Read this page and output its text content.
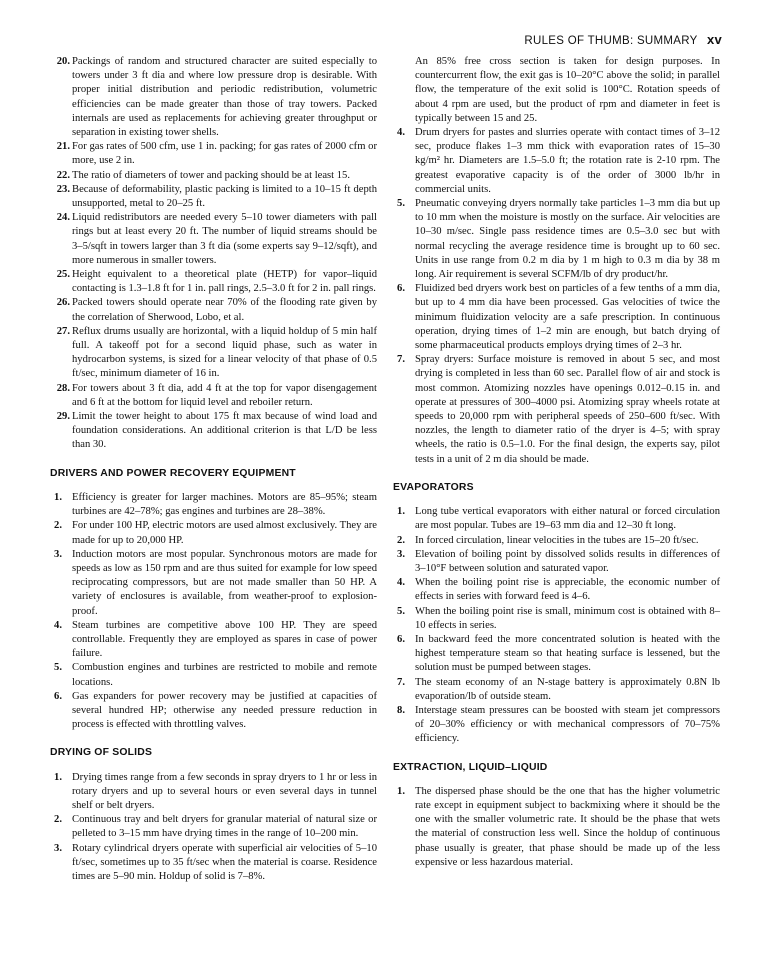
RULES OF THUMB: SUMMARY xv
20. Packings of random and structured character are suited especially to towers under 3 ft dia and where low pressure drop is desirable. With proper initial distribution and periodic redistribution, volumetric efficiencies can be made greater than those of tray towers. Packed internals are used as replacements for achieving greater throughput or separation in existing tower shells.
21. For gas rates of 500 cfm, use 1 in. packing; for gas rates of 2000 cfm or more, use 2 in.
22. The ratio of diameters of tower and packing should be at least 15.
23. Because of deformability, plastic packing is limited to a 10–15 ft depth unsupported, metal to 20–25 ft.
24. Liquid redistributors are needed every 5–10 tower diameters with pall rings but at least every 20 ft. The number of liquid streams should be 3–5/sqft in towers larger than 3 ft dia (some experts say 9–12/sqft), and more numerous in smaller towers.
25. Height equivalent to a theoretical plate (HETP) for vapor–liquid contacting is 1.3–1.8 ft for 1 in. pall rings, 2.5–3.0 ft for 2 in. pall rings.
26. Packed towers should operate near 70% of the flooding rate given by the correlation of Sherwood, Lobo, et al.
27. Reflux drums usually are horizontal, with a liquid holdup of 5 min half full. A takeoff pot for a second liquid phase, such as water in hydrocarbon systems, is sized for a linear velocity of that phase of 0.5 ft/sec, minimum diameter of 16 in.
28. For towers about 3 ft dia, add 4 ft at the top for vapor disengagement and 6 ft at the bottom for liquid level and reboiler return.
29. Limit the tower height to about 175 ft max because of wind load and foundation considerations. An additional criterion is that L/D be less than 30.
DRIVERS AND POWER RECOVERY EQUIPMENT
1. Efficiency is greater for larger machines. Motors are 85–95%; steam turbines are 42–78%; gas engines and turbines are 28–38%.
2. For under 100 HP, electric motors are used almost exclusively. They are made for up to 20,000 HP.
3. Induction motors are most popular. Synchronous motors are made for speeds as low as 150 rpm and are thus suited for example for low speed reciprocating compressors, but are not made smaller than 50 HP. A variety of enclosures is available, from weather-proof to explosion-proof.
4. Steam turbines are competitive above 100 HP. They are speed controllable. Frequently they are employed as spares in case of power failure.
5. Combustion engines and turbines are restricted to mobile and remote locations.
6. Gas expanders for power recovery may be justified at capacities of several hundred HP; otherwise any needed pressure reduction in process is effected with throttling valves.
DRYING OF SOLIDS
1. Drying times range from a few seconds in spray dryers to 1 hr or less in rotary dryers and up to several hours or even several days in tunnel shelf or belt dryers.
2. Continuous tray and belt dryers for granular material of natural size or pelleted to 3–15 mm have drying times in the range of 10–200 min.
3. Rotary cylindrical dryers operate with superficial air velocities of 5–10 ft/sec, sometimes up to 35 ft/sec when the material is coarse. Residence times are 5–90 min. Holdup of solid is 7–8%.
An 85% free cross section is taken for design purposes. In countercurrent flow, the exit gas is 10–20°C above the solid; in parallel flow, the temperature of the exit solid is 100°C. Rotation speeds of about 4 rpm are used, but the product of rpm and diameter in feet is typically between 15 and 25.
4. Drum dryers for pastes and slurries operate with contact times of 3–12 sec, produce flakes 1–3 mm thick with evaporation rates of 15–30 kg/m² hr. Diameters are 1.5–5.0 ft; the rotation rate is 2-10 rpm. The greatest evaporative capacity is of the order of 3000 lb/hr in commercial units.
5. Pneumatic conveying dryers normally take particles 1–3 mm dia but up to 10 mm when the moisture is mostly on the surface. Air velocities are 10–30 m/sec. Single pass residence times are 0.5–3.0 sec but with normal recycling the average residence time is brought up to 60 sec. Units in use range from 0.2 m dia by 1 m high to 0.3 m dia by 38 m long. Air requirement is several SCFM/lb of dry product/hr.
6. Fluidized bed dryers work best on particles of a few tenths of a mm dia, but up to 4 mm dia have been processed. Gas velocities of twice the minimum fluidization velocity are a safe prescription. In continuous operation, drying times of 1–2 min are enough, but batch drying of some pharmaceutical products employs drying times of 2–3 hr.
7. Spray dryers: Surface moisture is removed in about 5 sec, and most drying is completed in less than 60 sec. Parallel flow of air and stock is most common. Atomizing nozzles have openings 0.012–0.15 in. and operate at pressures of 300–4000 psi. Atomizing spray wheels rotate at speeds to 20,000 rpm with peripheral speeds of 250–600 ft/sec. With nozzles, the length to diameter ratio of the dryer is 4–5; with spray wheels, the ratio is 0.5–1.0. For the final design, the experts say, pilot tests in a unit of 2 m dia should be made.
EVAPORATORS
1. Long tube vertical evaporators with either natural or forced circulation are most popular. Tubes are 19–63 mm dia and 12–30 ft long.
2. In forced circulation, linear velocities in the tubes are 15–20 ft/sec.
3. Elevation of boiling point by dissolved solids results in differences of 3–10°F between solution and saturated vapor.
4. When the boiling point rise is appreciable, the economic number of effects in series with forward feed is 4–6.
5. When the boiling point rise is small, minimum cost is obtained with 8–10 effects in series.
6. In backward feed the more concentrated solution is heated with the highest temperature steam so that heating surface is lessened, but the solution must be pumped between stages.
7. The steam economy of an N-stage battery is approximately 0.8N lb evaporation/lb of outside steam.
8. Interstage steam pressures can be boosted with steam jet compressors of 20–30% efficiency or with mechanical compressors of 70–75% efficiency.
EXTRACTION, LIQUID–LIQUID
1. The dispersed phase should be the one that has the higher volumetric rate except in equipment subject to backmixing where it should be the one with the smaller volumetric rate. It should be the phase that wets the material of construction less well. Since the holdup of continuous phase usually is greater, that phase should be made up of the less expensive or less hazardous material.
